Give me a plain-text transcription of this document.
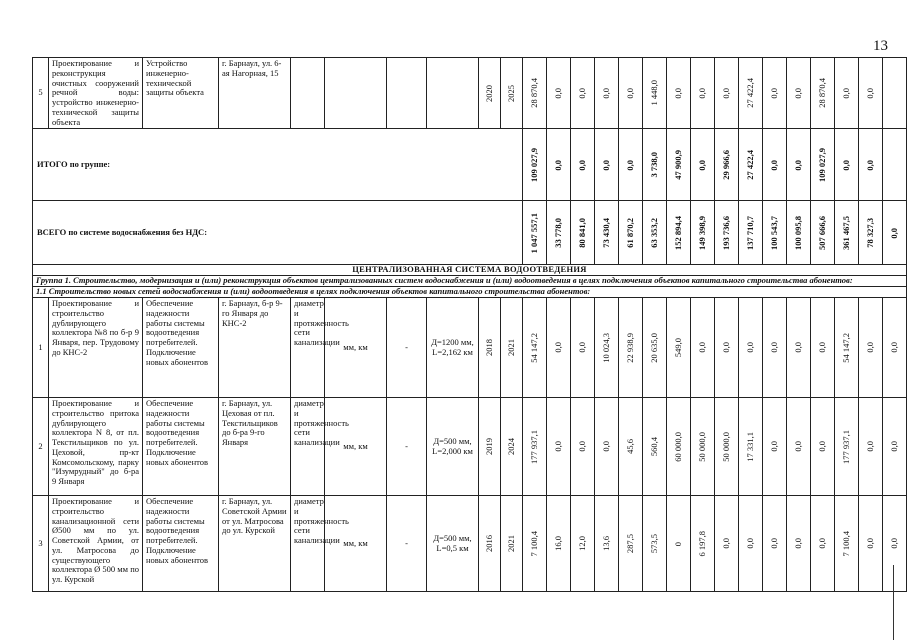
13
5	Проектирование и реконструкция очистных сооружений речной воды: устройство инженерно-технической защиты объекта	Устройство инженерно-технической защиты объекта	г. Барнаул, ул. 6-ая Нагорная, 15					2020	2025	28 870,4	0,0	0,0	0,0	0,0	1 448,0	0,0	0,0	0,0	27 422,4	0,0	0,0	28 870,4	0,0	0,0	

ИТОГО по группе:										109 027,9	0,0	0,0	0,0	0,0	3 738,0	47 900,9	0,0	29 966,6	27 422,4	0,0	0,0	109 027,9	0,0	0,0	

ВСЕГО по системе водоснабжения без НДС:										1 047 557,1	33 778,0	80 841,0	73 430,4	61 870,2	63 353,2	152 894,4	149 398,9	193 736,6	137 710,7	100 543,7	100 095,8	507 666,6	361 467,5	78 327,3	0,0

ЦЕНТРАЛИЗОВАННАЯ СИСТЕМА ВОДООТВЕДЕНИЯ																									
Группа 1. Строительство, модернизация и (или) реконструкция объектов централизованных систем водоснабжения и (или) водоотведения в целях подключения объектов капитального строительства абонентов:																									
1.1 Строительство новых сетей водоснабжения и (или) водоотведения в целях подключения объектов капитального строительства абонентов:																									
1	Проектирование и строительство дублирующего коллектора №8 по б-р 9 Января, пер. Трудовому до КНС-2	Обеспечение надежности работы системы водоотведения потребителей. Подключение новых абонентов	г. Барнаул, б-р 9-го Января до КНС-2	диаметр и протяженность сети канализации	мм, км	-	Д=1200 мм, L=2,162 км	2018	2021	54 147,2	0,0	0,0	10 024,3	22 938,9	20 635,0	549,0	0,0	0,0	0,0	0,0	0,0	0,0	54 147,2	0,0	0,0

2	Проектирование и строительство притока дублирующего коллектора N 8, от пл. Текстильщиков по ул. Цеховой, пр-кт Комсомольскому, парку "Изумрудный" до б-ра 9 Января	Обеспечение надежности работы системы водоотведения потребителей. Подключение новых абонентов	г. Барнаул, ул. Цеховая от пл. Текстильщиков до б-ра 9-го Января	диаметр и протяженность сети канализации	мм, км	-	Д=500 мм, L=2,000 км	2019	2024	177 937,1	0,0	0,0	0,0	45,6	560,4	60 000,0	50 000,0	50 000,0	17 331,1	0,0	0,0	0,0	177 937,1	0,0	0,0

3	Проектирование и строительство канализационной сети Ø500 мм по ул. Советской Армии, от ул. Матросова до существующего коллектора Ø 500 мм по ул. Курской	Обеспечение надежности работы системы водоотведения потребителей. Подключение новых абонентов	г. Барнаул, ул. Советской Армии от ул. Матросова до ул. Курской	диаметр и протяженность сети канализации	мм, км	-	Д=500 мм, L=0,5 км	2016	2021	7 100,4	16,0	12,0	13,6	287,5	573,5	0	6 197,8	0,0	0,0	0,0	0,0	0,0	7 100,4	0,0	0,0
